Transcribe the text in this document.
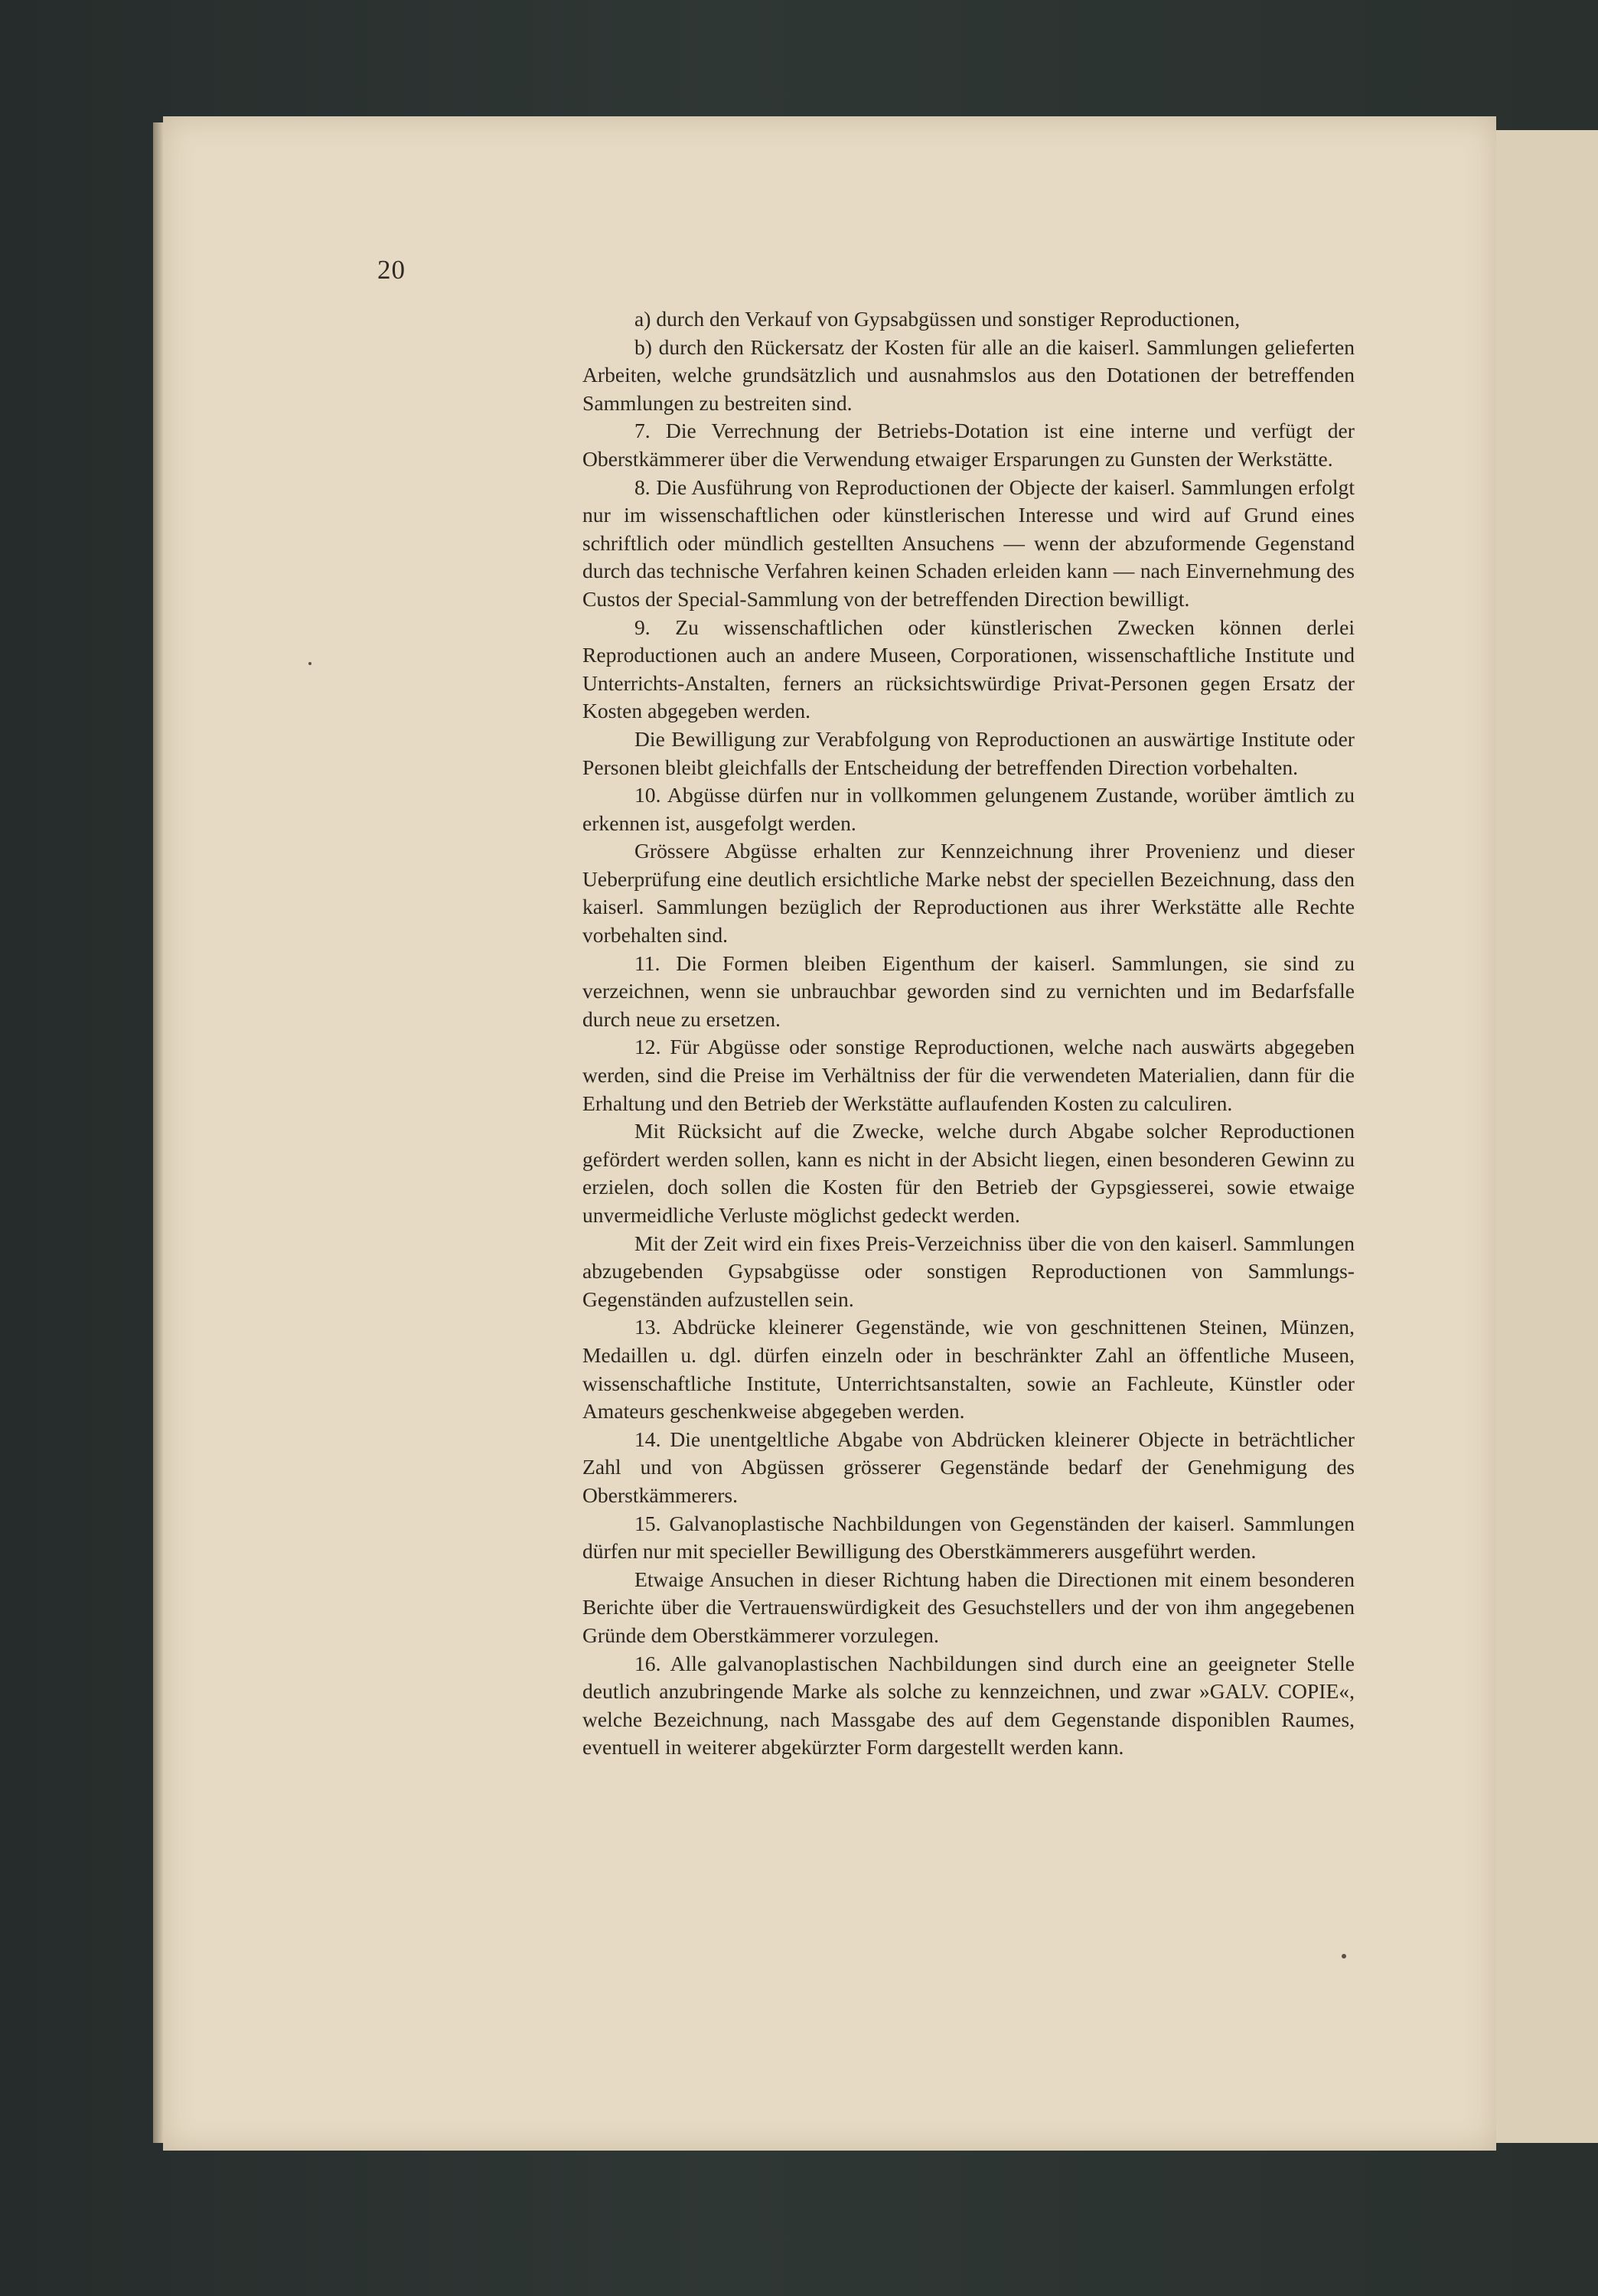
20

a) durch den Verkauf von Gypsabgüssen und sonstiger Reproductionen,

b) durch den Rückersatz der Kosten für alle an die kaiserl. Sammlungen gelieferten Arbeiten, welche grundsätzlich und ausnahmslos aus den Dotationen der betreffenden Sammlungen zu bestreiten sind.

7. Die Verrechnung der Betriebs-Dotation ist eine interne und verfügt der Oberstkämmerer über die Verwendung etwaiger Ersparungen zu Gunsten der Werkstätte.

8. Die Ausführung von Reproductionen der Objecte der kaiserl. Sammlungen erfolgt nur im wissenschaftlichen oder künstlerischen Interesse und wird auf Grund eines schriftlich oder mündlich gestellten Ansuchens — wenn der abzuformende Gegenstand durch das technische Verfahren keinen Schaden erleiden kann — nach Einvernehmung des Custos der Special-Sammlung von der betreffenden Direction bewilligt.

9. Zu wissenschaftlichen oder künstlerischen Zwecken können derlei Reproductionen auch an andere Museen, Corporationen, wissenschaftliche Institute und Unterrichts-Anstalten, ferners an rücksichtswürdige Privat-Personen gegen Ersatz der Kosten abgegeben werden.

Die Bewilligung zur Verabfolgung von Reproductionen an auswärtige Institute oder Personen bleibt gleichfalls der Entscheidung der betreffenden Direction vorbehalten.

10. Abgüsse dürfen nur in vollkommen gelungenem Zustande, worüber ämtlich zu erkennen ist, ausgefolgt werden.

Grössere Abgüsse erhalten zur Kennzeichnung ihrer Provenienz und dieser Ueberprüfung eine deutlich ersichtliche Marke nebst der speciellen Bezeichnung, dass den kaiserl. Sammlungen bezüglich der Reproductionen aus ihrer Werkstätte alle Rechte vorbehalten sind.

11. Die Formen bleiben Eigenthum der kaiserl. Sammlungen, sie sind zu verzeichnen, wenn sie unbrauchbar geworden sind zu vernichten und im Bedarfsfalle durch neue zu ersetzen.

12. Für Abgüsse oder sonstige Reproductionen, welche nach auswärts abgegeben werden, sind die Preise im Verhältniss der für die verwendeten Materialien, dann für die Erhaltung und den Betrieb der Werkstätte auflaufenden Kosten zu calculiren.

Mit Rücksicht auf die Zwecke, welche durch Abgabe solcher Reproductionen gefördert werden sollen, kann es nicht in der Absicht liegen, einen besonderen Gewinn zu erzielen, doch sollen die Kosten für den Betrieb der Gypsgiesserei, sowie etwaige unvermeidliche Verluste möglichst gedeckt werden.

Mit der Zeit wird ein fixes Preis-Verzeichniss über die von den kaiserl. Sammlungen abzugebenden Gypsabgüsse oder sonstigen Reproductionen von Sammlungs-Gegenständen aufzustellen sein.

13. Abdrücke kleinerer Gegenstände, wie von geschnittenen Steinen, Münzen, Medaillen u. dgl. dürfen einzeln oder in beschränkter Zahl an öffentliche Museen, wissenschaftliche Institute, Unterrichtsanstalten, sowie an Fachleute, Künstler oder Amateurs geschenkweise abgegeben werden.

14. Die unentgeltliche Abgabe von Abdrücken kleinerer Objecte in beträchtlicher Zahl und von Abgüssen grösserer Gegenstände bedarf der Genehmigung des Oberstkämmerers.

15. Galvanoplastische Nachbildungen von Gegenständen der kaiserl. Sammlungen dürfen nur mit specieller Bewilligung des Oberstkämmerers ausgeführt werden.

Etwaige Ansuchen in dieser Richtung haben die Directionen mit einem besonderen Berichte über die Vertrauenswürdigkeit des Gesuchstellers und der von ihm angegebenen Gründe dem Oberstkämmerer vorzulegen.

16. Alle galvanoplastischen Nachbildungen sind durch eine an geeigneter Stelle deutlich anzubringende Marke als solche zu kennzeichnen, und zwar »GALV. COPIE«, welche Bezeichnung, nach Massgabe des auf dem Gegenstande disponiblen Raumes, eventuell in weiterer abgekürzter Form dargestellt werden kann.
